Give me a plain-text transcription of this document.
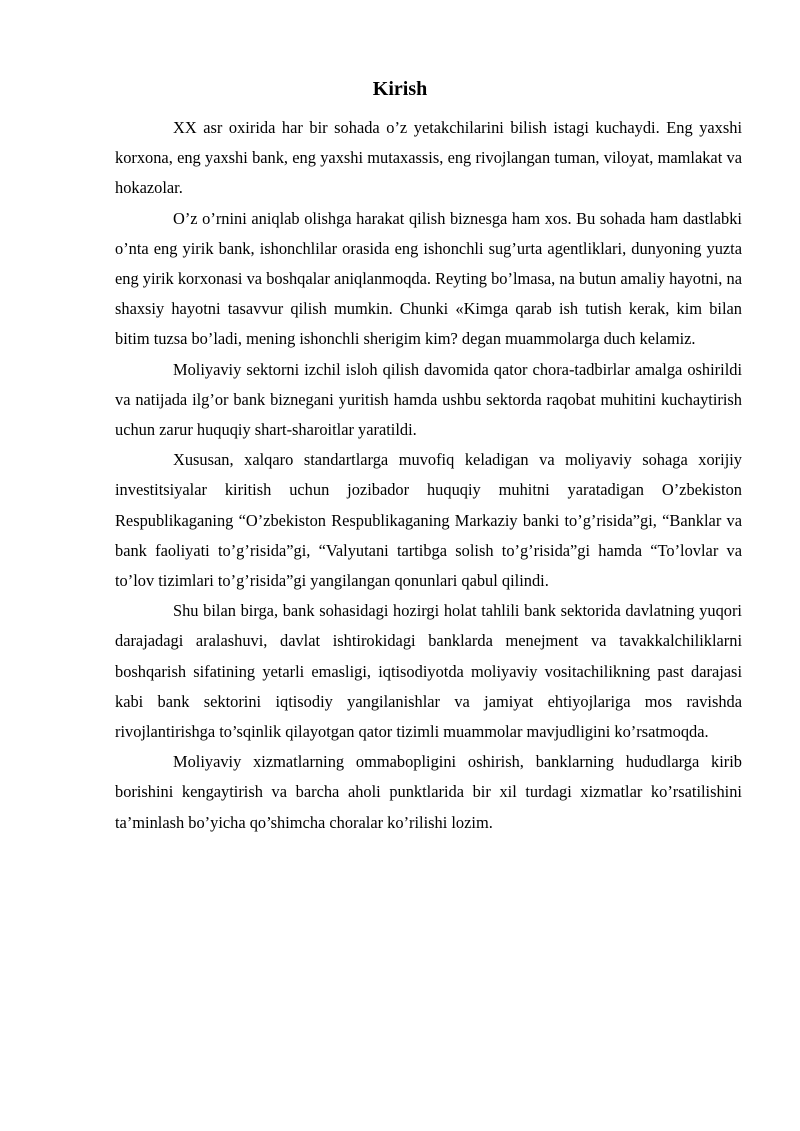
Kirish

XX asr oxirida har bir sohada o’z yetakchilarini bilish istagi kuchaydi. Eng yaxshi korxona, eng yaxshi bank, eng yaxshi mutaxassis, eng rivojlangan tuman, viloyat, mamlakat va hokazolar.

O’z o’rnini aniqlab olishga harakat qilish biznesga ham xos. Bu sohada ham dastlabki o’nta eng yirik bank, ishonchlilar orasida eng ishonchli sug’urta agentliklari, dunyoning yuzta eng yirik korxonasi va boshqalar aniqlanmoqda. Reyting bo’lmasa, na butun amaliy hayotni, na shaxsiy hayotni tasavvur qilish mumkin. Chunki «Kimga qarab ish tutish kerak, kim bilan bitim tuzsa bo’ladi, mening ishonchli sherigim kim? degan muammolarga duch kelamiz.

Moliyaviy sektorni izchil isloh qilish davomida qator chora-tadbirlar amalga oshirildi va natijada ilg’or bank biznegani yuritish hamda ushbu sektorda raqobat muhitini kuchaytirish uchun zarur huquqiy shart-sharoitlar yaratildi.

Xususan, xalqaro standartlarga muvofiq keladigan va moliyaviy sohaga xorijiy investitsiyalar kiritish uchun jozibador huquqiy muhitni yaratadigan O’zbekiston Respublikaganing “O’zbekiston Respublikaganing Markaziy banki to’g’risida”gi, “Banklar va bank faoliyati to’g’risida”gi, “Valyutani tartibga solish to’g’risida”gi hamda “To’lovlar va to’lov tizimlari to’g’risida”gi yangilangan qonunlari qabul qilindi.

Shu bilan birga, bank sohasidagi hozirgi holat tahlili bank sektorida davlatning yuqori darajadagi aralashuvi, davlat ishtirokidagi banklarda menejment va tavakkalchiliklarni boshqarish sifatining yetarli emasligi, iqtisodiyotda moliyaviy vositachilikning past darajasi kabi bank sektorini iqtisodiy yangilanishlar va jamiyat ehtiyojlariga mos ravishda rivojlantirishga to’sqinlik qilayotgan qator tizimli muammolar mavjudligini ko’rsatmoqda.

Moliyaviy xizmatlarning ommabopligini oshirish, banklarning hududlarga kirib borishini kengaytirish va barcha aholi punktlarida bir xil turdagi xizmatlar ko’rsatilishini ta’minlash bo’yicha qo’shimcha choralar ko’rilishi lozim.
